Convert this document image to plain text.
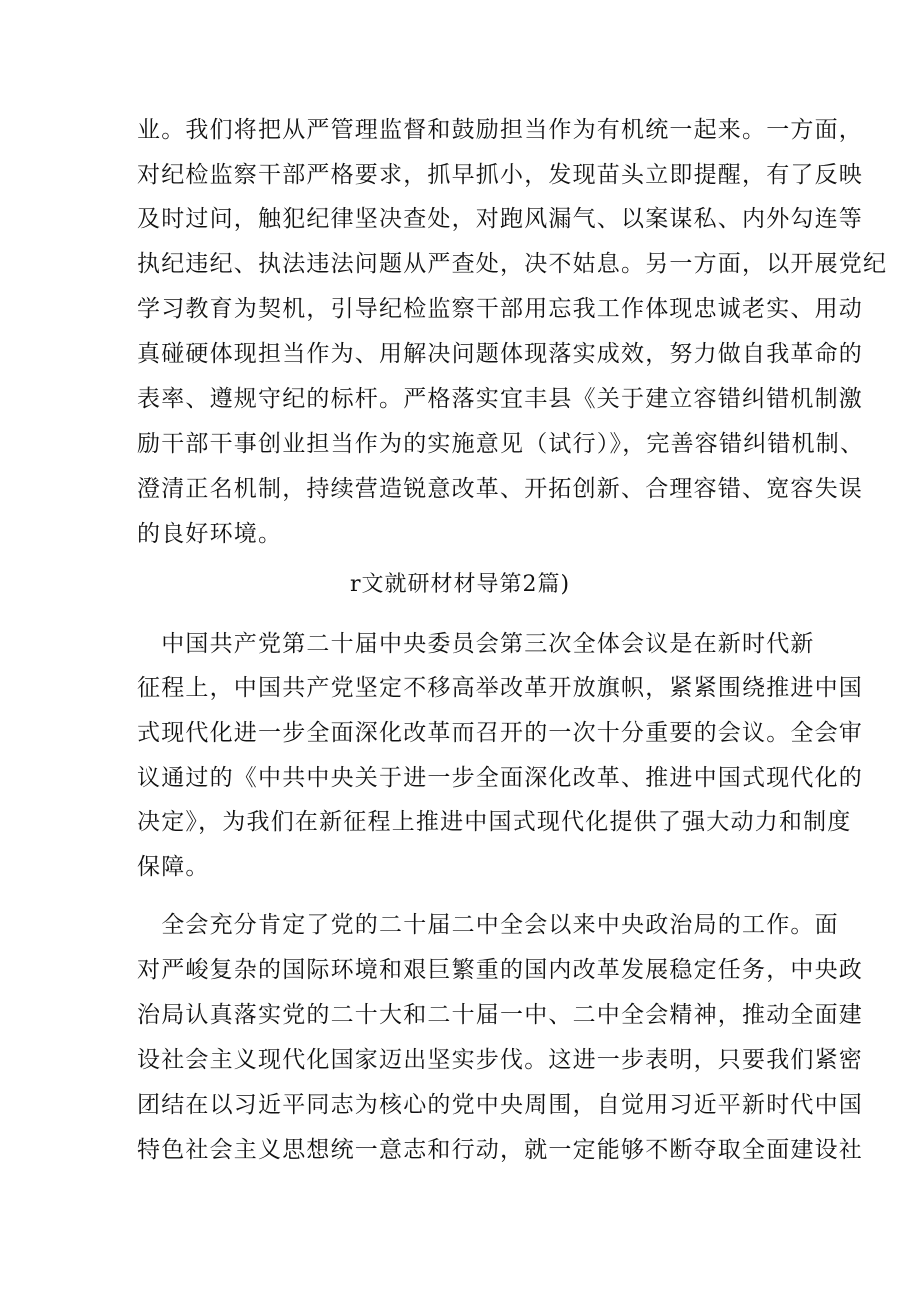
业。我们将把从严管理监督和鼓励担当作为有机统一起来。一方面，
对纪检监察干部严格要求，抓早抓小，发现苗头立即提醒，有了反映
及时过问，触犯纪律坚决查处，对跑风漏气、以案谋私、内外勾连等
执纪违纪、执法违法问题从严查处，决不姑息。另一方面，以开展党纪
学习教育为契机，引导纪检监察干部用忘我工作体现忠诚老实、用动
真碰硬体现担当作为、用解决问题体现落实成效，努力做自我革命的
表率、遵规守纪的标杆。严格落实宜丰县《关于建立容错纠错机制激
励干部干事创业担当作为的实施意见（试行）》，完善容错纠错机制、
澄清正名机制，持续营造锐意改革、开拓创新、合理容错、宽容失误
的良好环境。
r文就研材材导第2篇)
　中国共产党第二十届中央委员会第三次全体会议是在新时代新
征程上，中国共产党坚定不移高举改革开放旗帜，紧紧围绕推进中国
式现代化进一步全面深化改革而召开的一次十分重要的会议。全会审
议通过的《中共中央关于进一步全面深化改革、推进中国式现代化的
决定》，为我们在新征程上推进中国式现代化提供了强大动力和制度
保障。
　全会充分肯定了党的二十届二中全会以来中央政治局的工作。面
对严峻复杂的国际环境和艰巨繁重的国内改革发展稳定任务，中央政
治局认真落实党的二十大和二十届一中、二中全会精神，推动全面建
设社会主义现代化国家迈出坚实步伐。这进一步表明，只要我们紧密
团结在以习近平同志为核心的党中央周围，自觉用习近平新时代中国
特色社会主义思想统一意志和行动，就一定能够不断夺取全面建设社
